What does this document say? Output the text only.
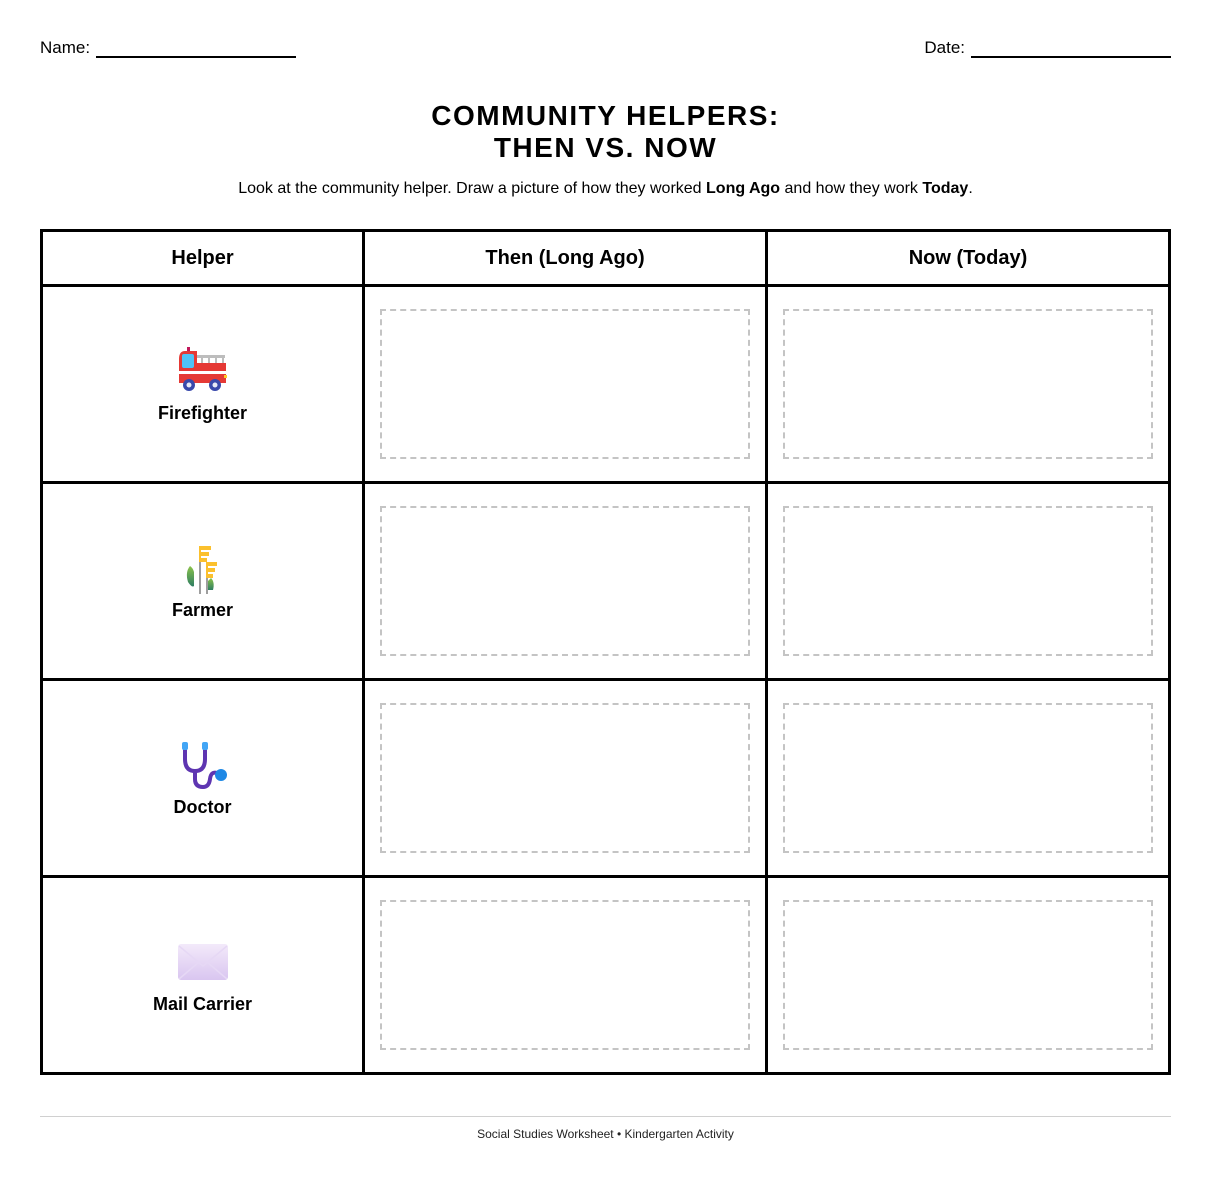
Name:	Date:
COMMUNITY HELPERS:
THEN VS. NOW
Look at the community helper. Draw a picture of how they worked Long Ago and how they work Today.
Helper	Then (Long Ago)	Now (Today)

Firefighter		

Farmer		

Doctor		

Mail Carrier		

Social Studies Worksheet • Kindergarten Activity
